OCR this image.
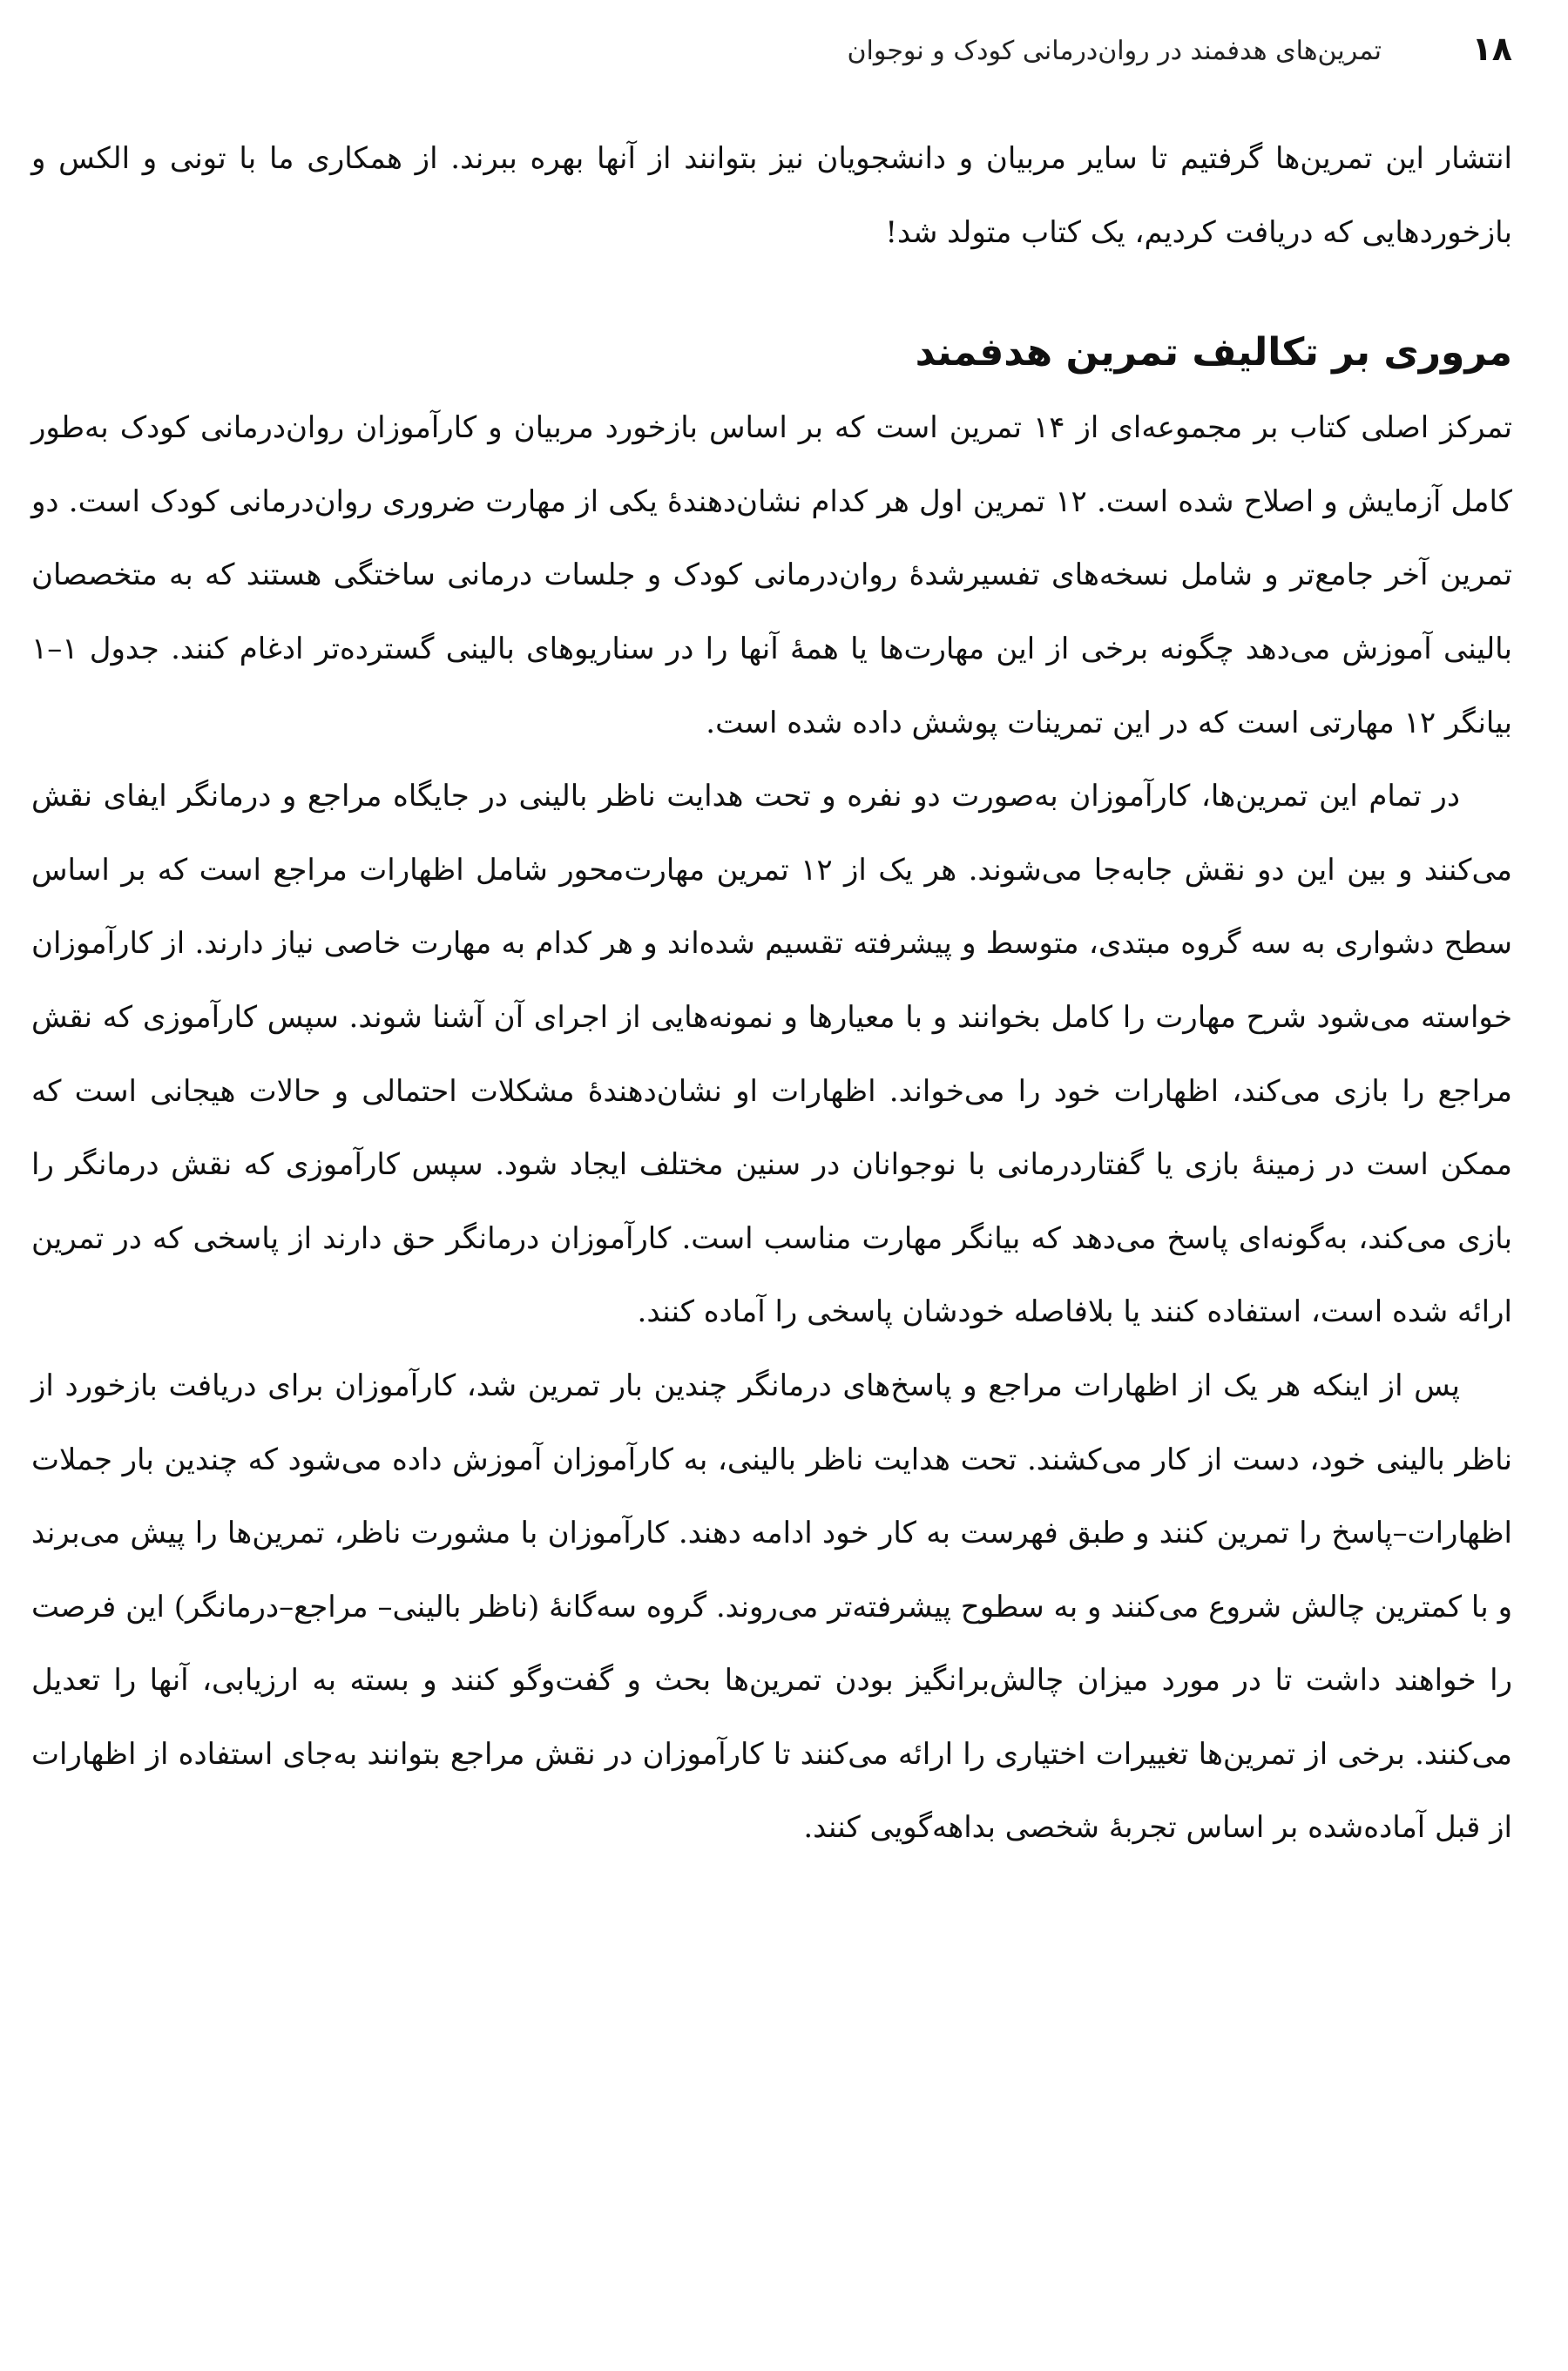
۱۸
تمرین‌های هدفمند در روان‌درمانی کودک و نوجوان

انتشار این تمرین‌ها گرفتیم تا سایر مربیان و دانشجویان نیز بتوانند از آنها بهره ببرند. از همکاری ما با تونی و الکس و بازخوردهایی که دریافت کردیم، یک کتاب متولد شد!

مروری بر تکالیف تمرین هدفمند

تمرکز اصلی کتاب بر مجموعه‌ای از ۱۴ تمرین است که بر اساس بازخورد مربیان و کارآموزان روان‌درمانی کودک به‌طور کامل آزمایش و اصلاح شده است. ۱۲ تمرین اول هر کدام نشان‌دهندهٔ یکی از مهارت ضروری روان‌درمانی کودک است. دو تمرین آخر جامع‌تر و شامل نسخه‌های تفسیرشدهٔ روان‌درمانی کودک و جلسات درمانی ساختگی هستند که به متخصصان بالینی آموزش می‌دهد چگونه برخی از این مهارت‌ها یا همهٔ آنها را در سناریوهای بالینی گسترده‌تر ادغام کنند. جدول ۱–۱ بیانگر ۱۲ مهارتی است که در این تمرینات پوشش داده شده است.

در تمام این تمرین‌ها، کارآموزان به‌صورت دو نفره و تحت هدایت ناظر بالینی در جایگاه مراجع و درمانگر ایفای نقش می‌کنند و بین این دو نقش جابه‌جا می‌شوند. هر یک از ۱۲ تمرین مهارت‌محور شامل اظهارات مراجع است که بر اساس سطح دشواری به سه گروه مبتدی، متوسط و پیشرفته تقسیم شده‌اند و هر کدام به مهارت خاصی نیاز دارند. از کارآموزان خواسته می‌شود شرح مهارت را کامل بخوانند و با معیارها و نمونه‌هایی از اجرای آن آشنا شوند. سپس کارآموزی که نقش مراجع را بازی می‌کند، اظهارات خود را می‌خواند. اظهارات او نشان‌دهندهٔ مشکلات احتمالی و حالات هیجانی است که ممکن است در زمینهٔ بازی یا گفتاردرمانی با نوجوانان در سنین مختلف ایجاد شود. سپس کارآموزی که نقش درمانگر را بازی می‌کند، به‌گونه‌ای پاسخ می‌دهد که بیانگر مهارت مناسب است. کارآموزان درمانگر حق دارند از پاسخی که در تمرین ارائه شده است، استفاده کنند یا بلافاصله خودشان پاسخی را آماده کنند.

پس از اینکه هر یک از اظهارات مراجع و پاسخ‌های درمانگر چندین بار تمرین شد، کارآموزان برای دریافت بازخورد از ناظر بالینی خود، دست از کار می‌کشند. تحت هدایت ناظر بالینی، به کارآموزان آموزش داده می‌شود که چندین بار جملات اظهارات–پاسخ را تمرین کنند و طبق فهرست به کار خود ادامه دهند. کارآموزان با مشورت ناظر، تمرین‌ها را پیش می‌برند و با کمترین چالش شروع می‌کنند و به سطوح پیشرفته‌تر می‌روند. گروه سه‌گانهٔ (ناظر بالینی– مراجع–درمانگر) این فرصت را خواهند داشت تا در مورد میزان چالش‌برانگیز بودن تمرین‌ها بحث و گفت‌وگو کنند و بسته به ارزیابی، آنها را تعدیل می‌کنند. برخی از تمرین‌ها تغییرات اختیاری را ارائه می‌کنند تا کارآموزان در نقش مراجع بتوانند به‌جای استفاده از اظهارات از قبل آماده‌شده بر اساس تجربهٔ شخصی بداهه‌گویی کنند.
